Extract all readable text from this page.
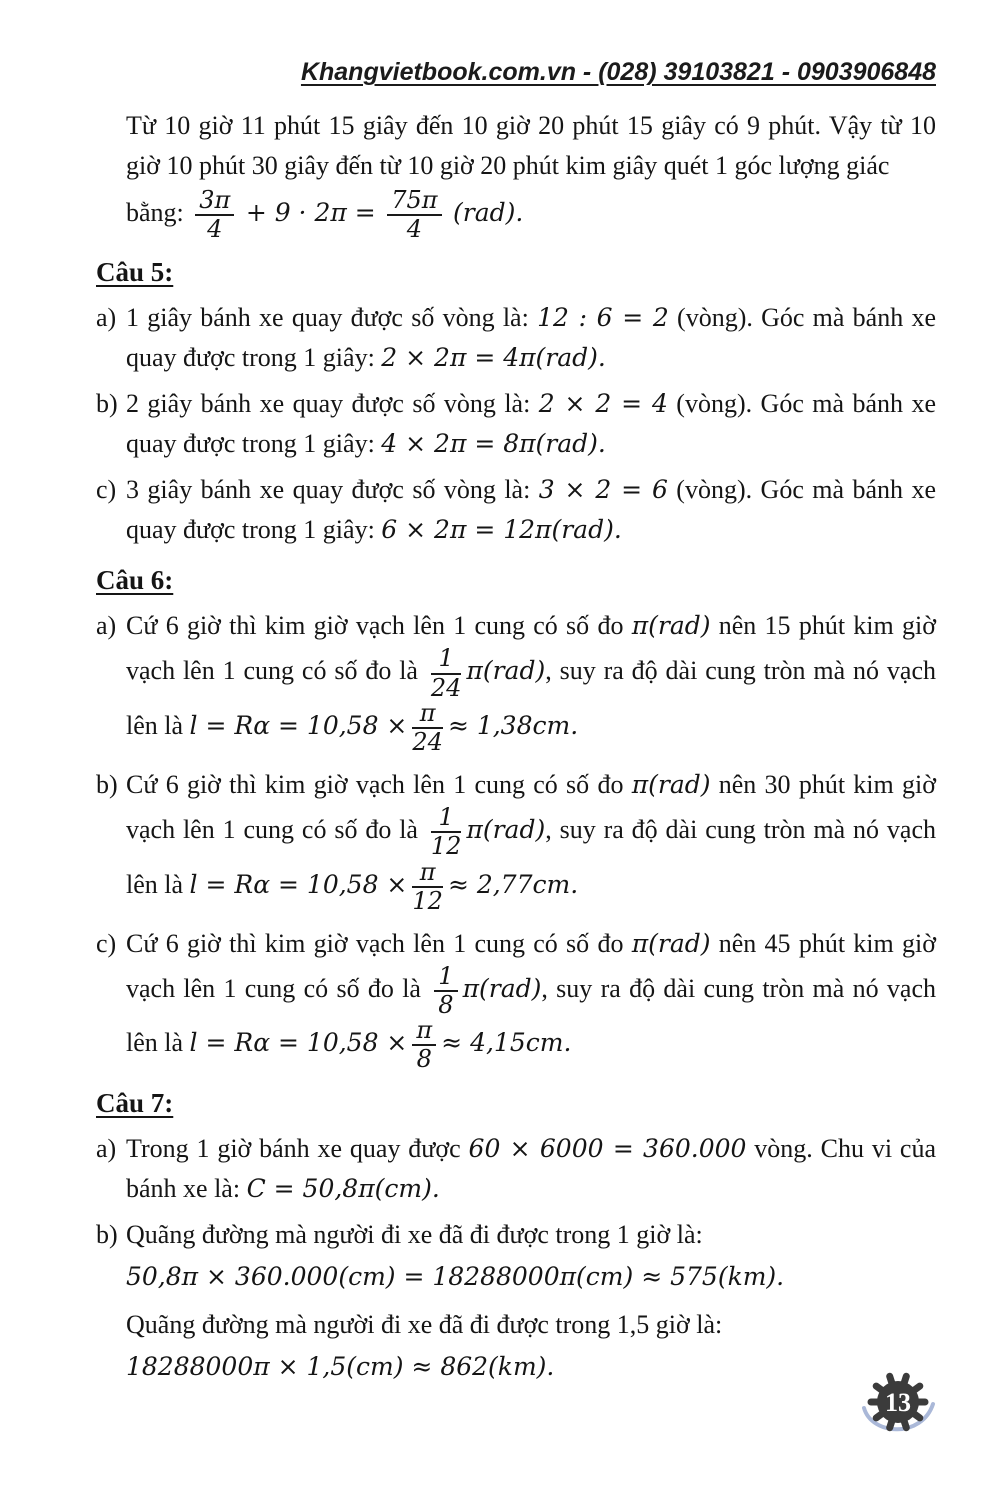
Khangvietbook.com.vn - (028) 39103821 - 0903906848
Từ 10 giờ 11 phút 15 giây đến 10 giờ 20 phút 15 giây có 9 phút. Vậy từ 10 giờ 10 phút 30 giây đến từ 10 giờ 20 phút kim giây quét 1 góc lượng giác
bằng: $\frac{3\pi}{4} + 9 \cdot 2\pi = \frac{75\pi}{4} (rad)$.
Câu 5:
a) 1 giây bánh xe quay được số vòng là: 12 : 6 = 2 (vòng). Góc mà bánh xe quay được trong 1 giây: 2 × 2π = 4π(rad).
b) 2 giây bánh xe quay được số vòng là: 2 × 2 = 4 (vòng). Góc mà bánh xe quay được trong 1 giây: 4 × 2π = 8π(rad).
c) 3 giây bánh xe quay được số vòng là: 3 × 2 = 6 (vòng). Góc mà bánh xe quay được trong 1 giây: 6 × 2π = 12π(rad).
Câu 6:
a) Cứ 6 giờ thì kim giờ vạch lên 1 cung có số đo π(rad) nên 15 phút kim giờ vạch lên 1 cung có số đo là $\frac{1}{24} \pi(rad)$, suy ra độ dài cung tròn mà nó vạch lên là $l = R\alpha = 10,58 \times \frac{\pi}{24} \approx 1,38cm$.
b) Cứ 6 giờ thì kim giờ vạch lên 1 cung có số đo π(rad) nên 30 phút kim giờ vạch lên 1 cung có số đo là $\frac{1}{12} \pi(rad)$, suy ra độ dài cung tròn mà nó vạch lên là $l = R\alpha = 10,58 \times \frac{\pi}{12} \approx 2,77cm$.
c) Cứ 6 giờ thì kim giờ vạch lên 1 cung có số đo π(rad) nên 45 phút kim giờ vạch lên 1 cung có số đo là $\frac{1}{8} \pi(rad)$, suy ra độ dài cung tròn mà nó vạch lên là $l = R\alpha = 10,58 \times \frac{\pi}{8} \approx 4,15cm$.
Câu 7:
a) Trong 1 giờ bánh xe quay được 60 × 6000 = 360.000 vòng. Chu vi của bánh xe là: C = 50,8π(cm).
b) Quãng đường mà người đi xe đã đi được trong 1 giờ là:
50,8π × 360.000(cm) = 18288000π(cm) ≈ 575(km).
Quãng đường mà người đi xe đã đi được trong 1,5 giờ là:
18288000π × 1,5(cm) ≈ 862(km).
13
